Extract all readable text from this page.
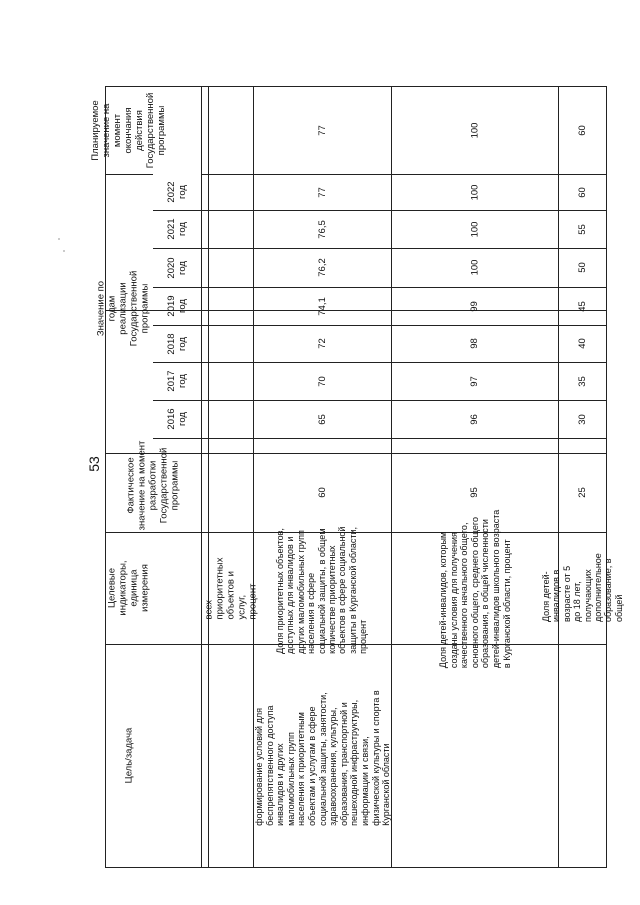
53
Планируемое значение на момент окончания действия Государственной программы
Значение по годам реализации Государственной программы
Фактическое значение на момент разработки Государственной программы
Целевые индикаторы, единица измерения
Цель/задача
2016 год
2017 год
2018 год
2019 год
2020 год
2021 год
2022 год
формирование условий для беспрепятственного доступа инвалидов и других маломобильных групп населения к приоритетным объектам и услугам в сфере социальной защиты, занятости, здравоохранения, культуры, образования, транспортной и пешеходной инфраструктуры, информации и связи, физической культуры и спорта в Курганской области
всех приоритетных объектов и услуг, процент Доля приоритетных объектов, доступных для инвалидов и других маломобильных групп населения в сфере социальной защиты, в общем количестве приоритетных объектов в сфере социальной защиты в Курганской области, процент
60
65
70
72
74,1
76,2
76,5
77
77
Доля детей-инвалидов, которым созданы условия для получения качественного начального общего, основного общего, среднего общего образования, в общей численности детей-инвалидов школьного возраста в Курганской области, процент
95
96
97
98
99
100
100
100
100
Доля детей-инвалидов в возрасте от 5 до 18 лет, получающих дополнительное образование, в общей
25
30
35
40
45
50
55
60
60
